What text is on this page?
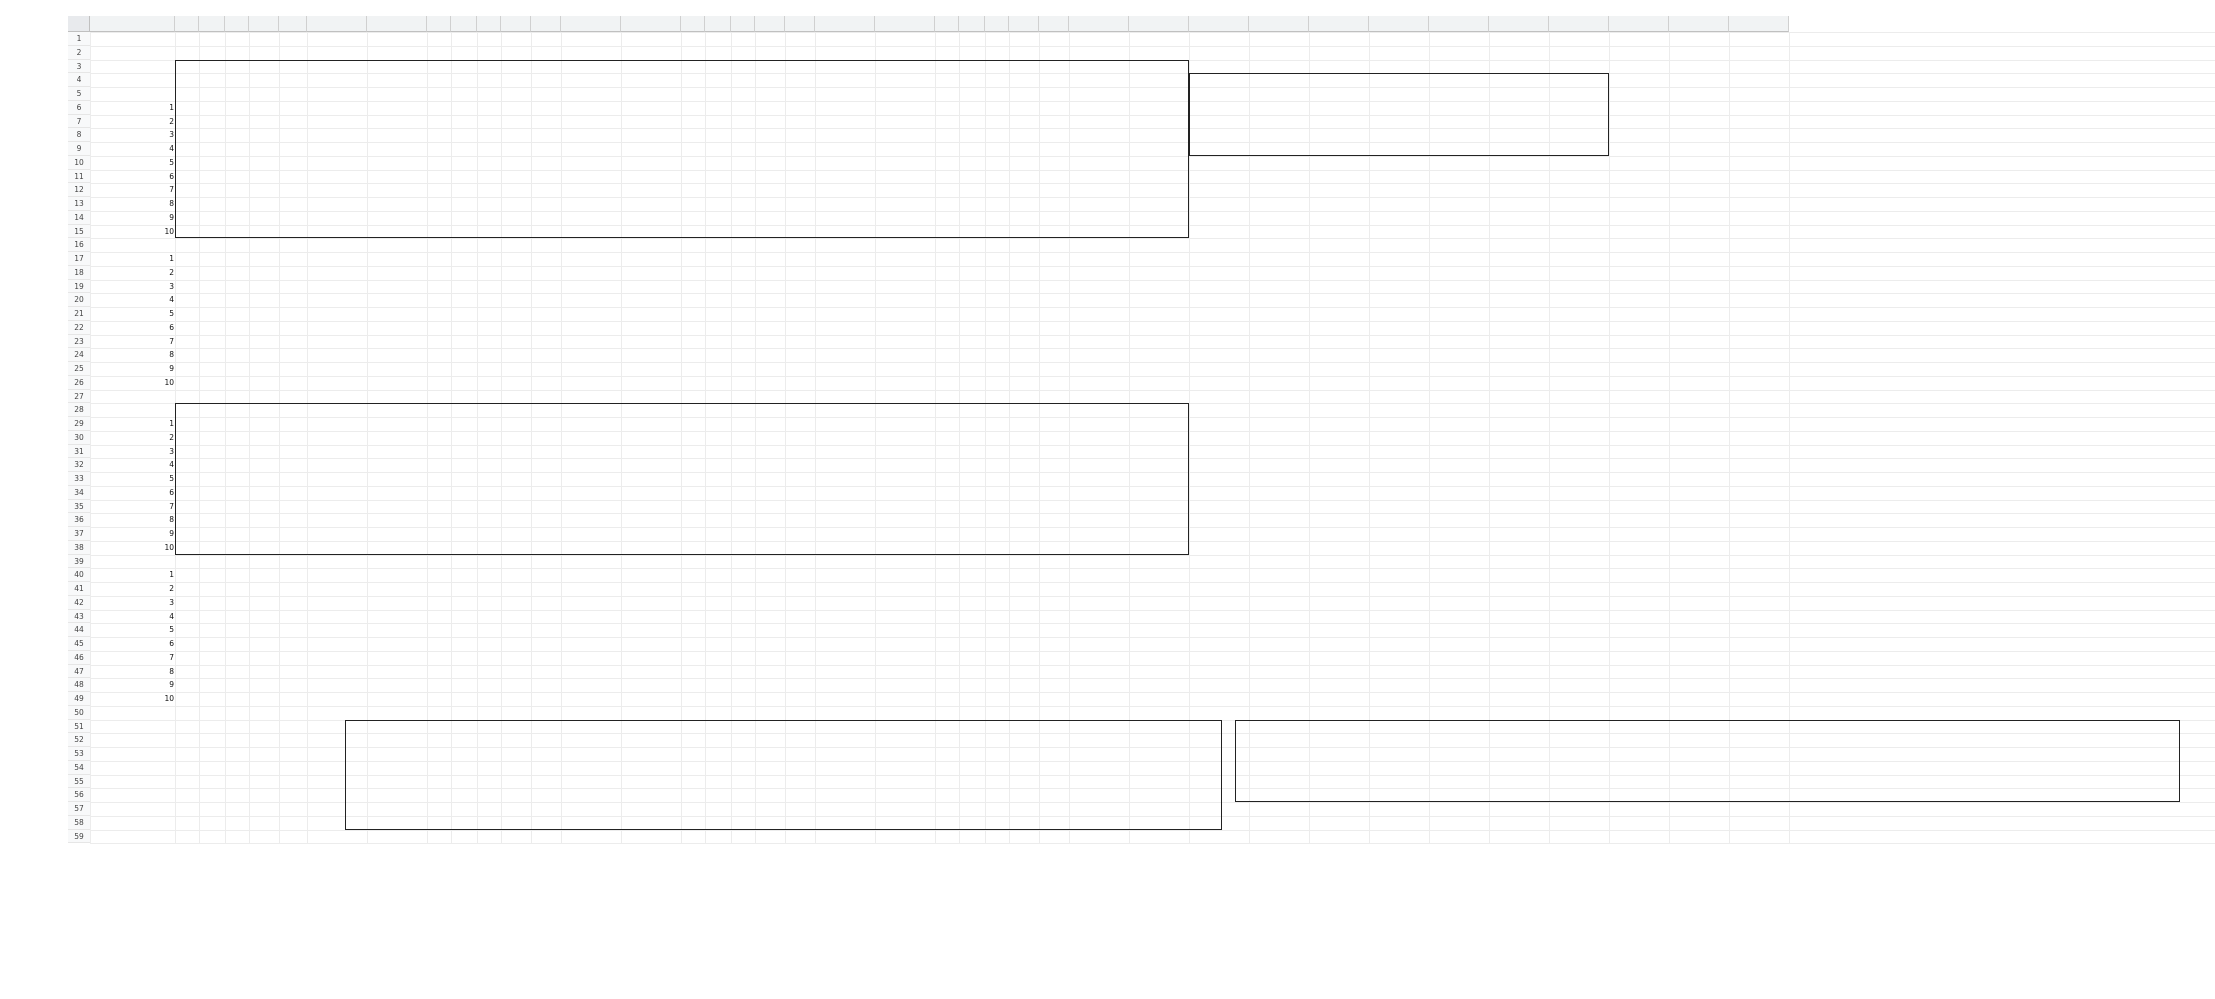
1
2
3
4
5
6
7
8
9
10
11
12
13
14
15
16
17
18
19
20
21
22
23
24
25
26
27
28
29
30
31
32
33
34
35
36
37
38
39
40
41
42
43
44
45
46
47
48
49
50
51
52
53
54
55
56
57
58
59
1
2
3
4
5
6
7
8
9
10
1
2
3
4
5
6
7
8
9
10
1
2
3
4
5
6
7
8
9
10
1
2
3
4
5
6
7
8
9
10
